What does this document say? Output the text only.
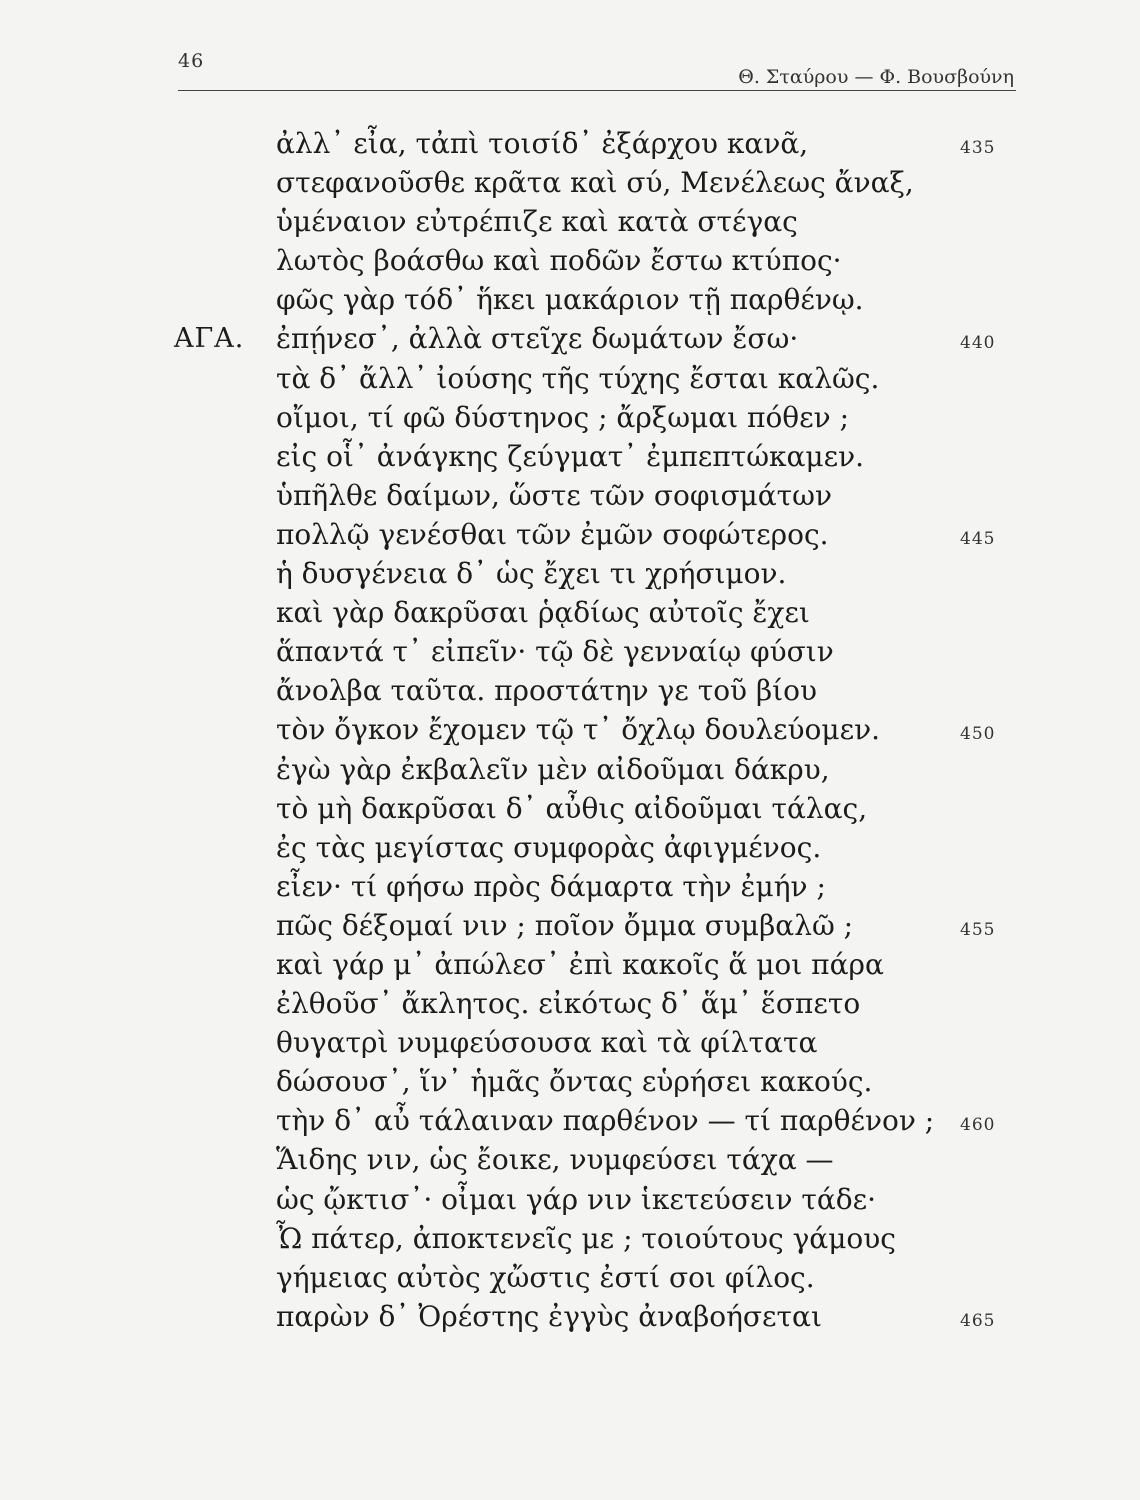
46
Θ. Σταύρου — Φ. Βουσβούνη
ἀλλ᾽ εἶα, τἀπὶ τοισίδ᾽ ἐξάρχου κανᾶ,	435
στεφανοῦσθε κρᾶτα καὶ σύ, Μενέλεως ἄναξ,
ὑμέναιον εὐτρέπιζε καὶ κατὰ στέγας
λωτὸς βοάσθω καὶ ποδῶν ἔστω κτύπος·
φῶς γὰρ τόδ᾽ ἥκει μακάριον τῇ παρθένῳ.
ΑΓΑ. ἐπῄνεσ᾽, ἀλλὰ στεῖχε δωμάτων ἔσω·	440
τὰ δ᾽ ἄλλ᾽ ἰούσης τῆς τύχης ἔσται καλῶς.
οἴμοι, τί φῶ δύστηνος ; ἄρξωμαι πόθεν ;
εἰς οἷ᾽ ἀνάγκης ζεύγματ᾽ ἐμπεπτώκαμεν.
ὑπῆλθε δαίμων, ὥστε τῶν σοφισμάτων
πολλῷ γενέσθαι τῶν ἐμῶν σοφώτερος.	445
ἡ δυσγένεια δ᾽ ὡς ἔχει τι χρήσιμον.
καὶ γὰρ δακρῦσαι ῥᾳδίως αὐτοῖς ἔχει
ἅπαντά τ᾽ εἰπεῖν· τῷ δὲ γενναίῳ φύσιν
ἄνολβα ταῦτα. προστάτην γε τοῦ βίου
τὸν ὄγκον ἔχομεν τῷ τ᾽ ὄχλῳ δουλεύομεν.	450
ἐγὼ γὰρ ἐκβαλεῖν μὲν αἰδοῦμαι δάκρυ,
τὸ μὴ δακρῦσαι δ᾽ αὖθις αἰδοῦμαι τάλας,
ἐς τὰς μεγίστας συμφορὰς ἀφιγμένος.
εἶεν· τί φήσω πρὸς δάμαρτα τὴν ἐμήν ;
πῶς δέξομαί νιν ; ποῖον ὄμμα συμβαλῶ ;	455
καὶ γάρ μ᾽ ἀπώλεσ᾽ ἐπὶ κακοῖς ἅ μοι πάρα
ἐλθοῦσ᾽ ἄκλητος. εἰκότως δ᾽ ἅμ᾽ ἕσπετο
θυγατρὶ νυμφεύσουσα καὶ τὰ φίλτατα
δώσουσ᾽, ἵν᾽ ἡμᾶς ὄντας εὑρήσει κακούς.
τὴν δ᾽ αὖ τάλαιναν παρθένον — τί παρθένον ; 460
Ἅιδης νιν, ὡς ἔοικε, νυμφεύσει τάχα —
ὡς ᾤκτισ᾽· οἶμαι γάρ νιν ἱκετεύσειν τάδε·
Ὦ πάτερ, ἀποκτενεῖς με ; τοιούτους γάμους
γήμειας αὐτὸς χὤστις ἐστί σοι φίλος.
παρὼν δ᾽ Ὀρέστης ἐγγὺς ἀναβοήσεται	465
